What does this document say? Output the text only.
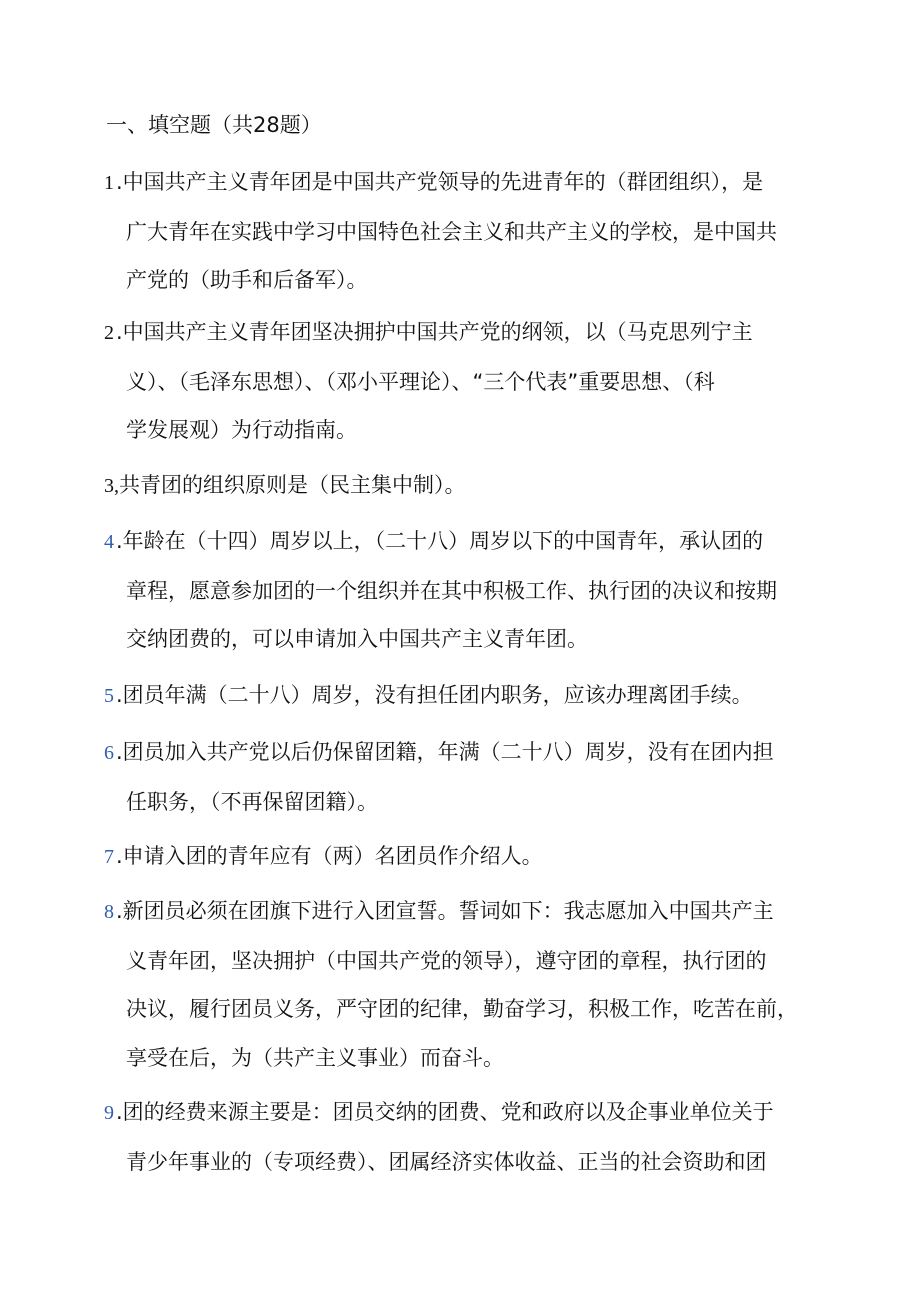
一、填空题（共28题）
1.中国共产主义青年团是中国共产党领导的先进青年的（群团组织），是
广大青年在实践中学习中国特色社会主义和共产主义的学校，是中国共
产党的（助手和后备军）。
2.中国共产主义青年团坚决拥护中国共产党的纲领，以（马克思列宁主
义）、（毛泽东思想）、（邓小平理论）、“三个代表”重要思想、（科
学发展观）为行动指南。
3,共青团的组织原则是（民主集中制）。
4.年龄在（十四）周岁以上，（二十八）周岁以下的中国青年，承认团的
章程，愿意参加团的一个组织并在其中积极工作、执行团的决议和按期
交纳团费的，可以申请加入中国共产主义青年团。
5.团员年满（二十八）周岁，没有担任团内职务，应该办理离团手续。
6.团员加入共产党以后仍保留团籍，年满（二十八）周岁，没有在团内担
任职务，（不再保留团籍）。
7.申请入团的青年应有（两）名团员作介绍人。
8.新团员必须在团旗下进行入团宣誓。誓词如下：我志愿加入中国共产主
义青年团，坚决拥护（中国共产党的领导），遵守团的章程，执行团的
决议，履行团员义务，严守团的纪律，勤奋学习，积极工作，吃苦在前，
享受在后，为（共产主义事业）而奋斗。
9.团的经费来源主要是：团员交纳的团费、党和政府以及企事业单位关于
青少年事业的（专项经费）、团属经济实体收益、正当的社会资助和团
